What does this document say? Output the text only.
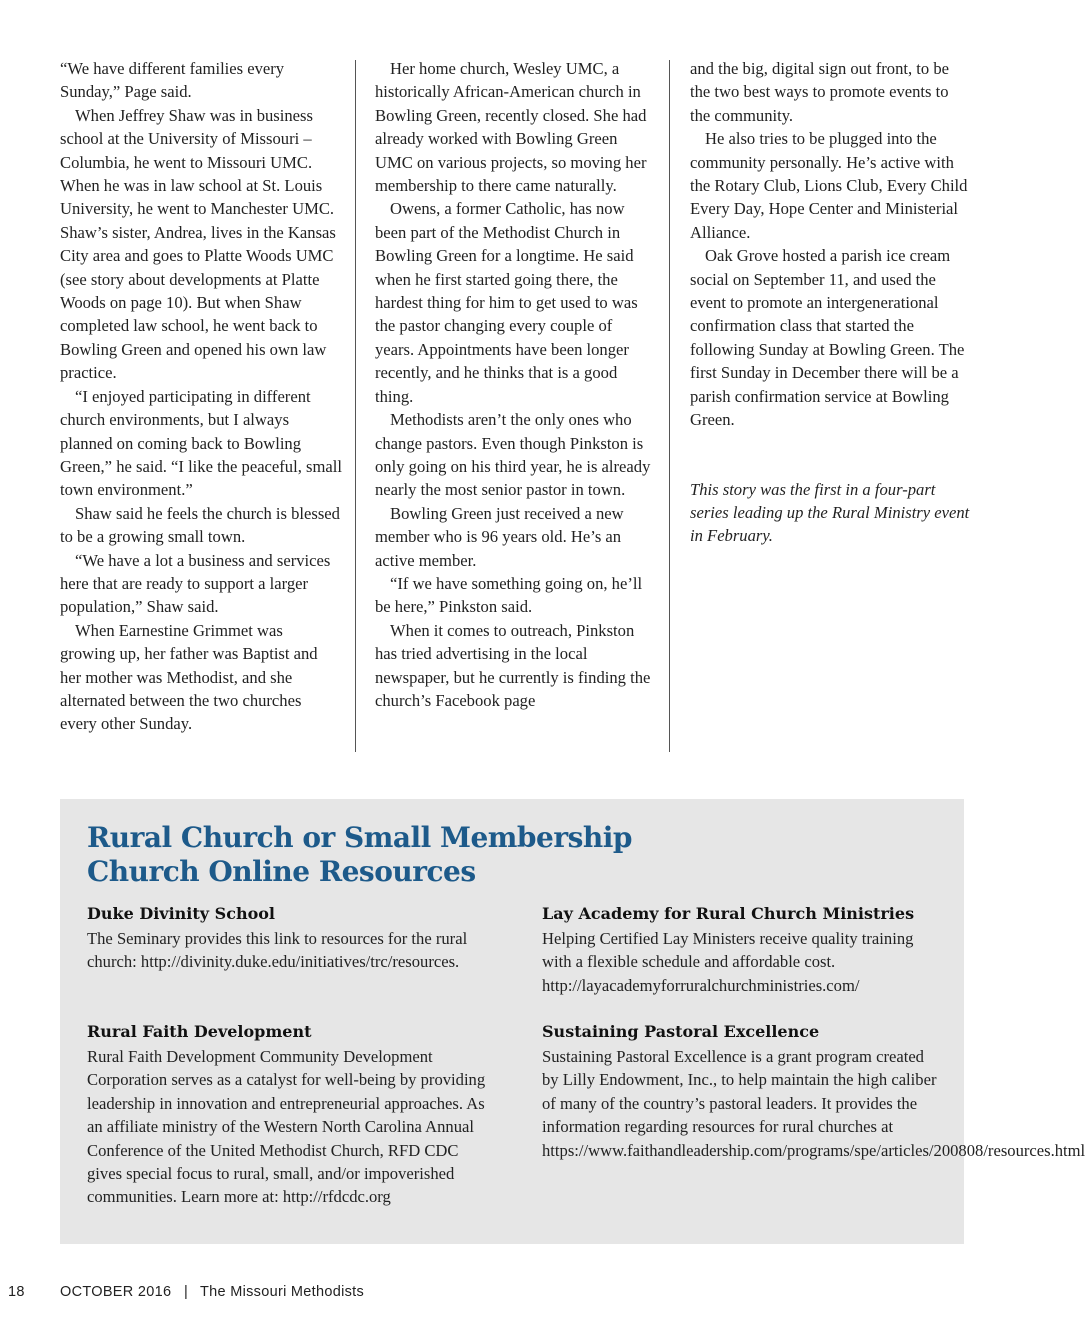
“We have different families every Sunday,” Page said.

When Jeffrey Shaw was in business school at the University of Missouri – Columbia, he went to Missouri UMC. When he was in law school at St. Louis University, he went to Manchester UMC. Shaw’s sister, Andrea, lives in the Kansas City area and goes to Platte Woods UMC (see story about developments at Platte Woods on page 10). But when Shaw completed law school, he went back to Bowling Green and opened his own law practice.

“I enjoyed participating in different church environments, but I always planned on coming back to Bowling Green,” he said. “I like the peaceful, small town environment.”

Shaw said he feels the church is blessed to be a growing small town.

“We have a lot a business and services here that are ready to support a larger population,” Shaw said.

When Earnestine Grimmet was growing up, her father was Baptist and her mother was Methodist, and she alternated between the two churches every other Sunday.

Her home church, Wesley UMC, a historically African-American church in Bowling Green, recently closed. She had already worked with Bowling Green UMC on various projects, so moving her membership to there came naturally.

Owens, a former Catholic, has now been part of the Methodist Church in Bowling Green for a longtime. He said when he first started going there, the hardest thing for him to get used to was the pastor changing every couple of years. Appointments have been longer recently, and he thinks that is a good thing.

Methodists aren’t the only ones who change pastors. Even though Pinkston is only going on his third year, he is already nearly the most senior pastor in town.

Bowling Green just received a new member who is 96 years old. He’s an active member.

“If we have something going on, he’ll be here,” Pinkston said.

When it comes to outreach, Pinkston has tried advertising in the local newspaper, but he currently is finding the church’s Facebook page

and the big, digital sign out front, to be the two best ways to promote events to the community.

He also tries to be plugged into the community personally. He’s active with the Rotary Club, Lions Club, Every Child Every Day, Hope Center and Ministerial Alliance.

Oak Grove hosted a parish ice cream social on September 11, and used the event to promote an intergenerational confirmation class that started the following Sunday at Bowling Green. The first Sunday in December there will be a parish confirmation service at Bowling Green.

This story was the first in a four-part series leading up the Rural Ministry event in February.

Rural Church or Small Membership Church Online Resources
Duke Divinity School

The Seminary provides this link to resources for the rural church: http://divinity.duke.edu/initiatives/trc/resources.

Lay Academy for Rural Church Ministries

Helping Certified Lay Ministers receive quality training with a flexible schedule and affordable cost. http://layacademyforruralchurchministries.com/

Rural Faith Development

Rural Faith Development Community Development Corporation serves as a catalyst for well-being by providing leadership in innovation and entrepreneurial approaches. As an affiliate ministry of the Western North Carolina Annual Conference of the United Methodist Church, RFD CDC gives special focus to rural, small, and/or impoverished communities. Learn more at: http://rfdcdc.org

Sustaining Pastoral Excellence

Sustaining Pastoral Excellence is a grant program created by Lilly Endowment, Inc., to help maintain the high caliber of many of the country’s pastoral leaders. It provides the information regarding resources for rural churches at https://www.faithandleadership.com/programs/spe/articles/200808/resources.html

18 OCTOBER 2016 | The Missouri Methodists
